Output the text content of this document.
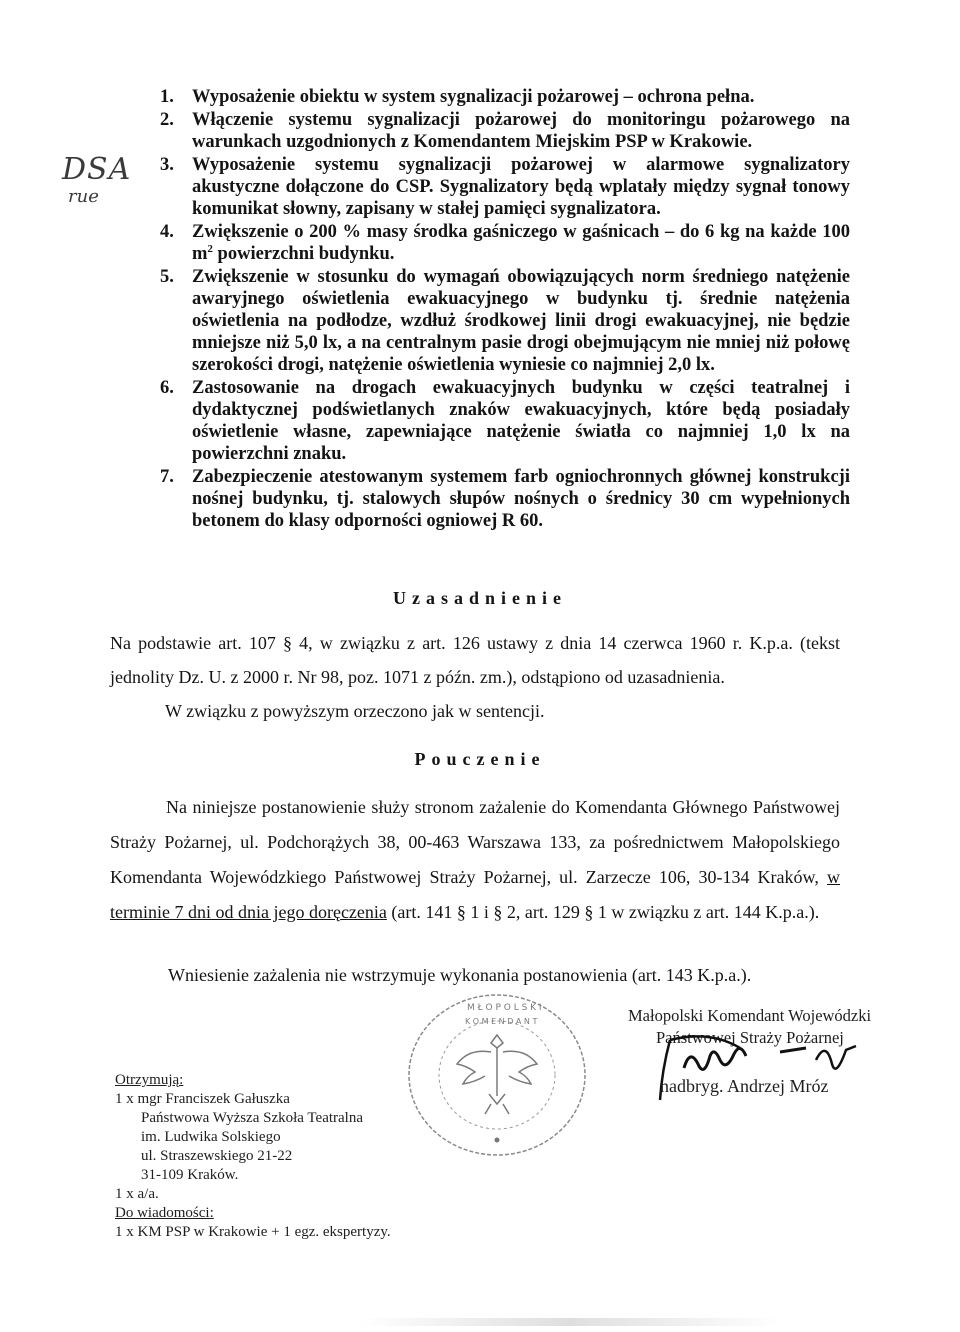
DSA
rue
1. Wyposażenie obiektu w system sygnalizacji pożarowej – ochrona pełna.
2. Włączenie systemu sygnalizacji pożarowej do monitoringu pożarowego na warunkach uzgodnionych z Komendantem Miejskim PSP w Krakowie.
3. Wyposażenie systemu sygnalizacji pożarowej w alarmowe sygnalizatory akustyczne dołączone do CSP. Sygnalizatory będą wplatały między sygnał tonowy komunikat słowny, zapisany w stałej pamięci sygnalizatora.
4. Zwiększenie o 200 % masy środka gaśniczego w gaśnicach – do 6 kg na każde 100 $m^2$ powierzchni budynku.
5. Zwiększenie w stosunku do wymagań obowiązujących norm średniego natężenie awaryjnego oświetlenia ewakuacyjnego w budynku tj. średnie natężenia oświetlenia na podłodze, wzdłuż środkowej linii drogi ewakuacyjnej, nie będzie mniejsze niż 5,0 lx, a na centralnym pasie drogi obejmującym nie mniej niż połowę szerokości drogi, natężenie oświetlenia wyniesie co najmniej 2,0 lx.
6. Zastosowanie na drogach ewakuacyjnych budynku w części teatralnej i dydaktycznej podświetlanych znaków ewakuacyjnych, które będą posiadały oświetlenie własne, zapewniające natężenie światła co najmniej 1,0 lx na powierzchni znaku.
7. Zabezpieczenie atestowanym systemem farb ogniochronnych głównej konstrukcji nośnej budynku, tj. stalowych słupów nośnych o średnicy 30 cm wypełnionych betonem do klasy odporności ogniowej R 60.
Uzasadnienie
Na podstawie art. 107 § 4, w związku z art. 126 ustawy z dnia 14 czerwca 1960 r. K.p.a. (tekst jednolity Dz. U. z 2000 r. Nr 98, poz. 1071 z późn. zm.), odstąpiono od uzasadnienia.
W związku z powyższym orzeczono jak w sentencji.
Pouczenie
Na niniejsze postanowienie służy stronom zażalenie do Komendanta Głównego Państwowej Straży Pożarnej, ul. Podchorążych 38, 00-463 Warszawa 133, za pośrednictwem Małopolskiego Komendanta Wojewódzkiego Państwowej Straży Pożarnej, ul. Zarzecze 106, 30-134 Kraków, w terminie 7 dni od dnia jego doręczenia (art. 141 § 1 i § 2, art. 129 § 1 w związku z art. 144 K.p.a.).
Wniesienie zażalenia nie wstrzymuje wykonania postanowienia (art. 143 K.p.a.).
M Ł O P O L S K I
K O M E N D A N T	Małopolski Komendant Wojewódzki
Państwowej Straży Pożarnej
nadbryg. Andrzej Mróz
Otrzymują:
1 x mgr Franciszek Gałuszka
Państwowa Wyższa Szkoła Teatralna
im. Ludwika Solskiego
ul. Straszewskiego 21-22
31-109 Kraków.
1 x a/a.
Do wiadomości:
1 x KM PSP w Krakowie + 1 egz. ekspertyzy.
